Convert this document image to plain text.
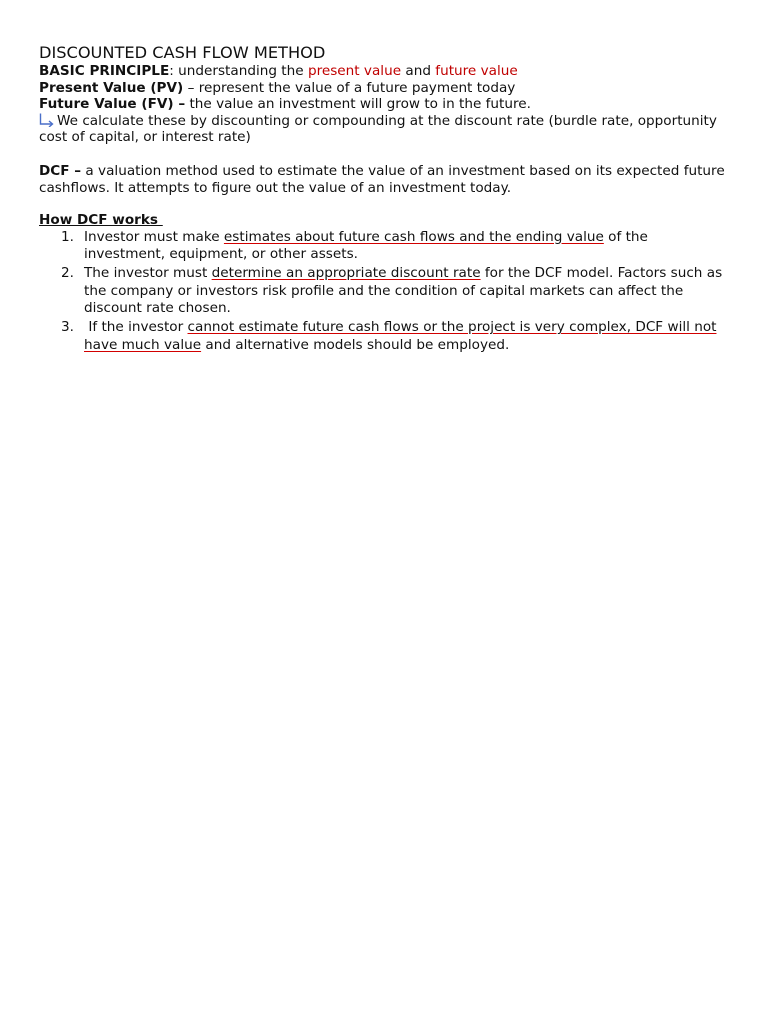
DISCOUNTED CASH FLOW METHOD

BASIC PRINCIPLE: understanding the present value and future value

Present Value (PV) – represent the value of a future payment today

Future Value (FV) – the value an investment will grow to in the future.

We calculate these by discounting or compounding at the discount rate (burdle rate, opportunity cost of capital, or interest rate)

DCF – a valuation method used to estimate the value of an investment based on its expected future cashflows. It attempts to figure out the value of an investment today.

How DCF works

1. Investor must make estimates about future cash flows and the ending value of the investment, equipment, or other assets.
2. The investor must determine an appropriate discount rate for the DCF model. Factors such as the company or investors risk profile and the condition of capital markets can affect the discount rate chosen.
3. If the investor cannot estimate future cash flows or the project is very complex, DCF will not have much value and alternative models should be employed.
